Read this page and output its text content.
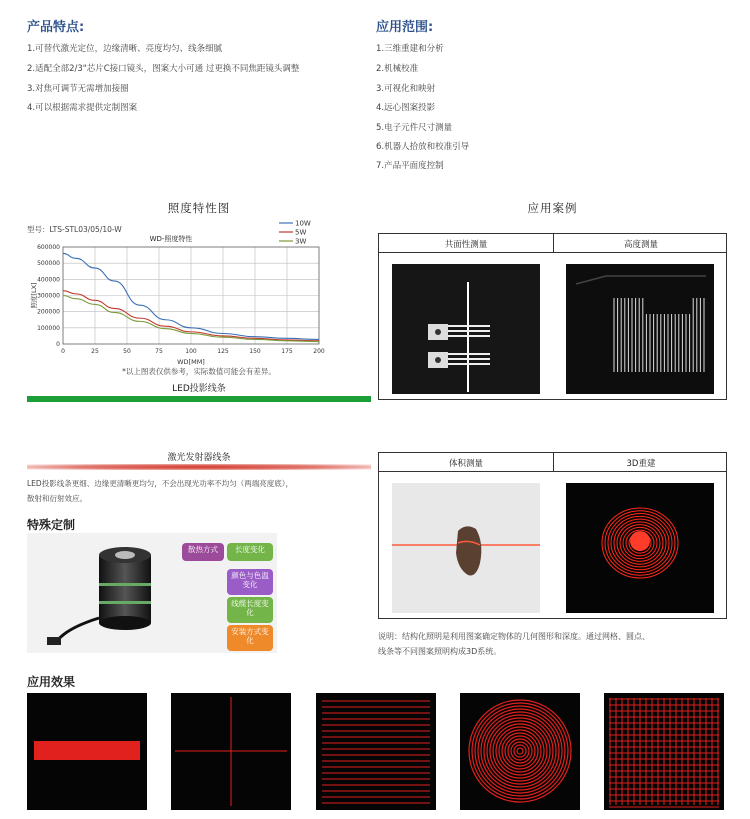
产品特点:
1.可替代激光定位，边缘清晰、亮度均匀、线条细腻
2.适配全部2/3"芯片C接口镜头，图案大小可通 过更换不同焦距镜头调整
3.对焦可调节无需增加接圈
4.可以根据需求提供定制图案
应用范围:
1.三维重建和分析
2.机械校准
3.可视化和映射
4.远心图案投影
5.电子元件尺寸测量
6.机器人拾放和校准引导
7.产品平面度控制
照度特性图
型号：LTS-STL03/05/10-W
WD-照度特性
0	25	50	75	100	125	150	175	200
0
100000
200000
300000
400000
500000
600000
WD[MM]
照度[LX]
10W
5W
3W
*以上图表仅供参考，实际数值可能会有差异。
LED投影线条
激光发射器线条
LED投影线条更细、边缘更清晰更均匀，不会出现光功率不均匀（两端亮度底），
散射和衍射效应。
特殊定制
散热方式	长度变化
颜色与色温变化
线缆长度变化
安装方式变化
应用案例
共面性测量	高度测量
体积测量	3D重建
说明：结构化照明是利用图案确定物体的几何图形和深度。通过网格、圆点、
线条等不同图案照明构成3D系统。
应用效果
